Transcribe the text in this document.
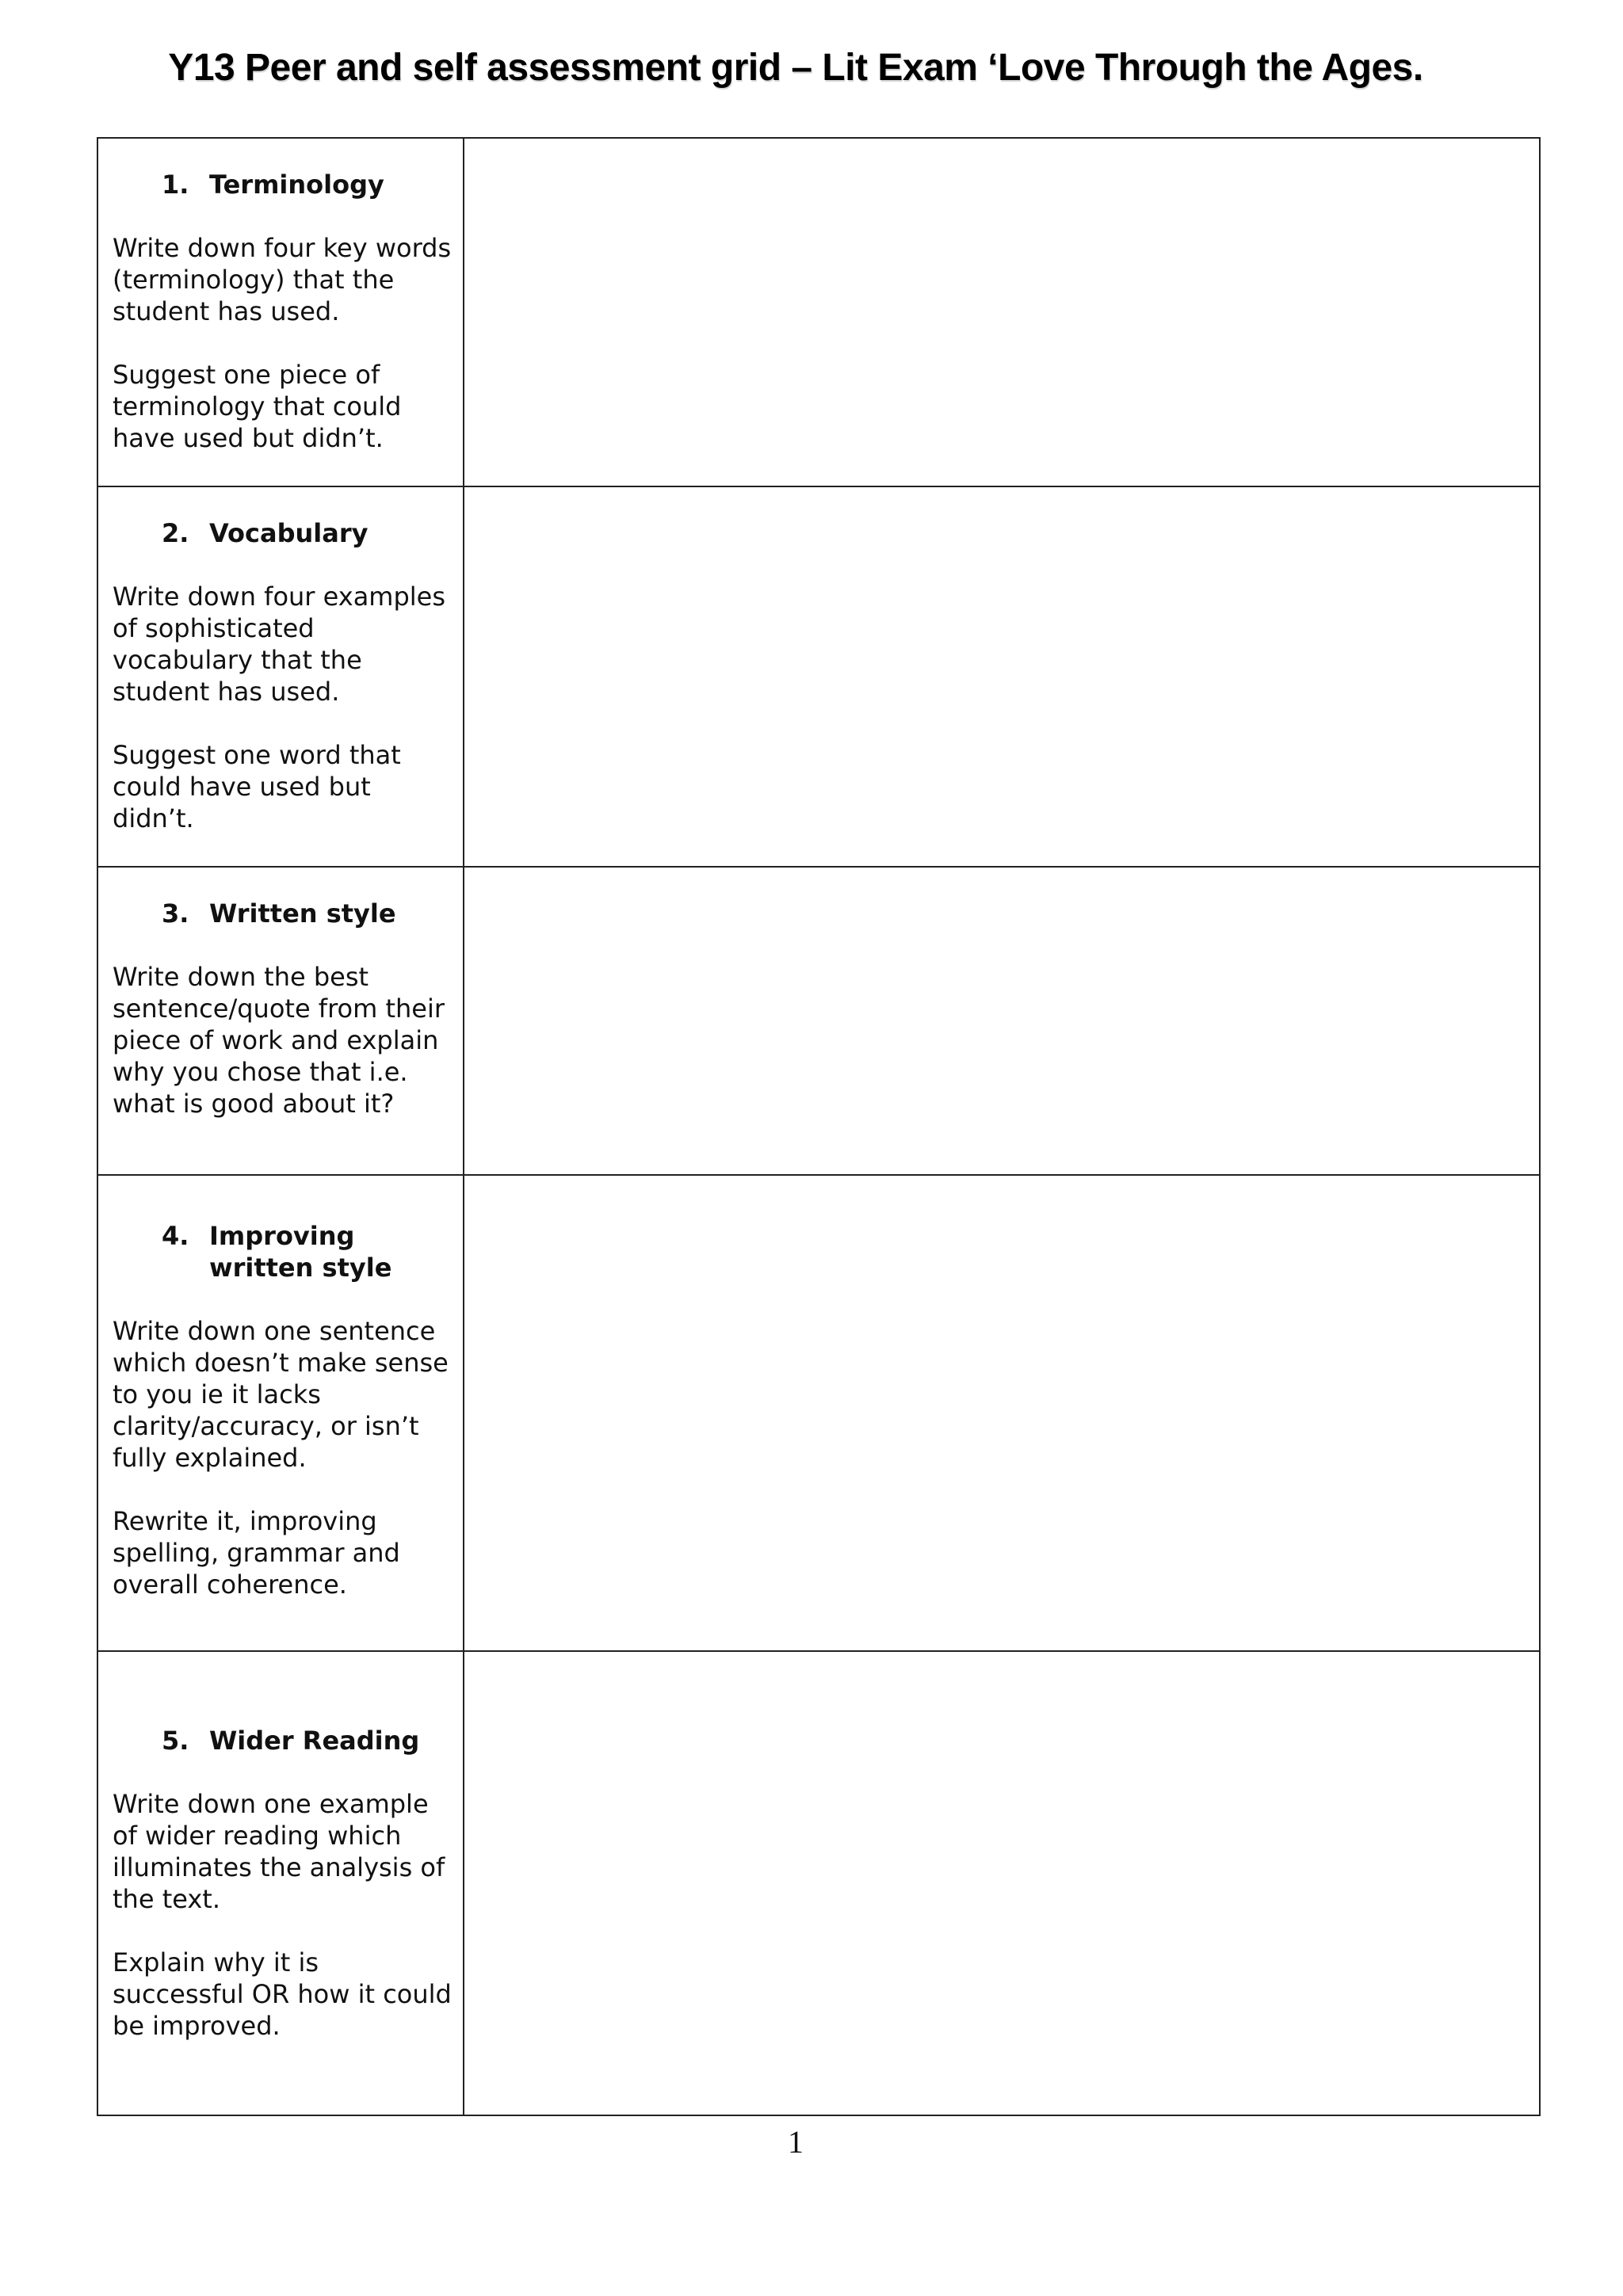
Y13 Peer and self assessment grid – Lit Exam ‘Love Through the Ages.
1. Terminology

Write down four key words (terminology) that the student has used.

Suggest one piece of terminology that could have used but didn’t.	

2. Vocabulary

Write down four examples of sophisticated vocabulary that the student has used.

Suggest one word that could have used but didn’t.	

3. Written style

Write down the best sentence/quote from their piece of work and explain why you chose that i.e. what is good about it?	

4. Improving written style

Write down one sentence which doesn’t make sense to you ie it lacks clarity/accuracy, or isn’t fully explained.

Rewrite it, improving spelling, grammar and overall coherence.	

5. Wider Reading

Write down one example of wider reading which illuminates the analysis of the text.

Explain why it is successful OR how it could be improved.	

1
